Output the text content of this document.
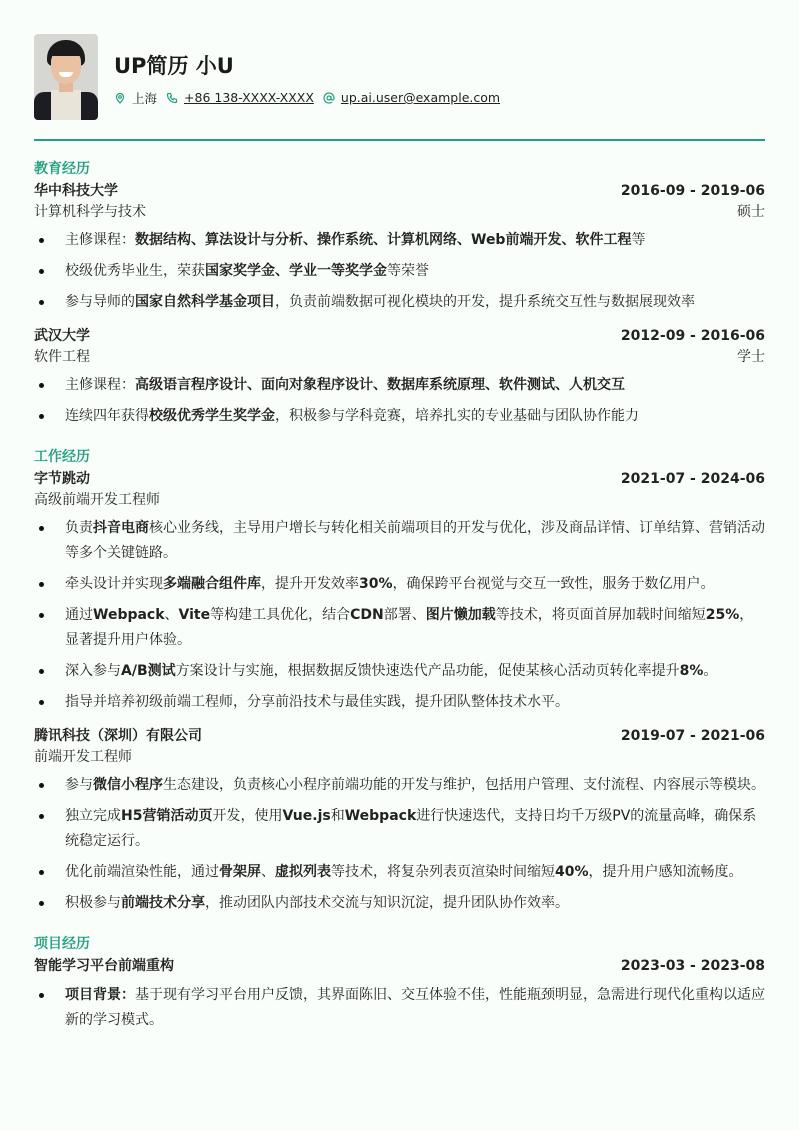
UP简历 小U
上海 +86 138-XXXX-XXXX up.ai.user@example.com
教育经历
华中科技大学	2016-09 - 2019-06
计算机科学与技术	硕士
主修课程：数据结构、算法设计与分析、操作系统、计算机网络、Web前端开发、软件工程等
校级优秀毕业生，荣获国家奖学金、学业一等奖学金等荣誉
参与导师的国家自然科学基金项目，负责前端数据可视化模块的开发，提升系统交互性与数据展现效率
武汉大学	2012-09 - 2016-06
软件工程	学士
主修课程：高级语言程序设计、面向对象程序设计、数据库系统原理、软件测试、人机交互
连续四年获得校级优秀学生奖学金，积极参与学科竞赛，培养扎实的专业基础与团队协作能力
工作经历
字节跳动	2021-07 - 2024-06
高级前端开发工程师
负责抖音电商核心业务线，主导用户增长与转化相关前端项目的开发与优化，涉及商品详情、订单结算、营销活动等多个关键链路。
牵头设计并实现多端融合组件库，提升开发效率30%，确保跨平台视觉与交互一致性，服务于数亿用户。
通过Webpack、Vite等构建工具优化，结合CDN部署、图片懒加载等技术，将页面首屏加载时间缩短25%，显著提升用户体验。
深入参与A/B测试方案设计与实施，根据数据反馈快速迭代产品功能，促使某核心活动页转化率提升8%。
指导并培养初级前端工程师，分享前沿技术与最佳实践，提升团队整体技术水平。
腾讯科技（深圳）有限公司	2019-07 - 2021-06
前端开发工程师
参与微信小程序生态建设，负责核心小程序前端功能的开发与维护，包括用户管理、支付流程、内容展示等模块。
独立完成H5营销活动页开发，使用Vue.js和Webpack进行快速迭代，支持日均千万级PV的流量高峰，确保系统稳定运行。
优化前端渲染性能，通过骨架屏、虚拟列表等技术，将复杂列表页渲染时间缩短40%，提升用户感知流畅度。
积极参与前端技术分享，推动团队内部技术交流与知识沉淀，提升团队协作效率。
项目经历
智能学习平台前端重构	2023-03 - 2023-08
项目背景：基于现有学习平台用户反馈，其界面陈旧、交互体验不佳，性能瓶颈明显，急需进行现代化重构以适应新的学习模式。
